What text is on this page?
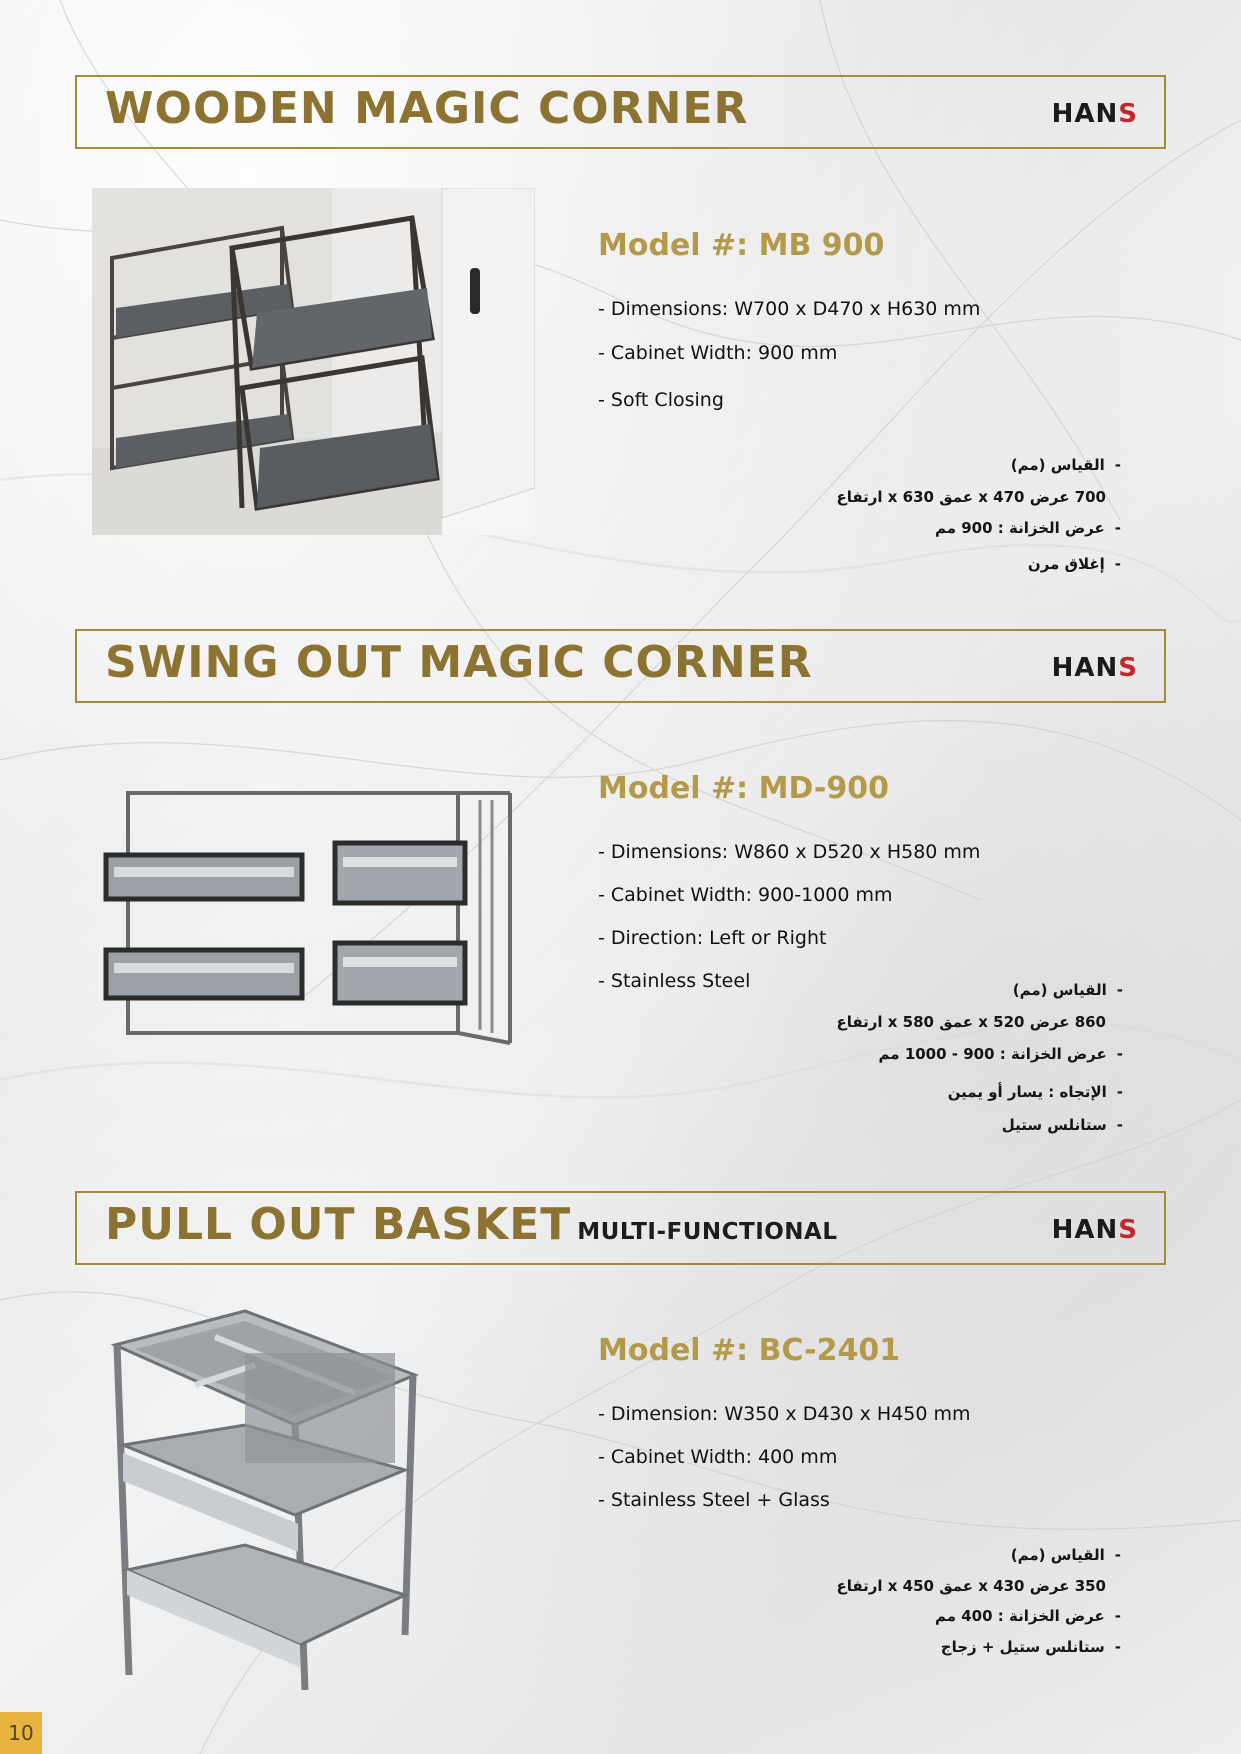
WOODEN MAGIC CORNER	HANS

Model #: MB 900

- Dimensions: W700 x D470 x H630 mm

- Cabinet Width: 900 mm

- Soft Closing

-القياس (مم)

700 عرض x 470 عمق x 630 ارتفاع

-عرض الخزانة : 900 مم

-إغلاق مرن

SWING OUT MAGIC CORNER	HANS

Model #: MD-900

- Dimensions: W860 x D520 x H580 mm

- Cabinet Width: 900-1000 mm

- Direction: Left or Right

- Stainless Steel	-القياس (مم)

860 عرض x 520 عمق x 580 ارتفاع

-عرض الخزانة : 900 - 1000 مم

-الإتجاه : يسار أو يمين

-ستانلس ستيل

PULL OUT BASKET MULTI-FUNCTIONAL	HANS

Model #: BC-2401

- Dimension: W350 x D430 x H450 mm

- Cabinet Width: 400 mm

- Stainless Steel + Glass

-القياس (مم)

350 عرض x 430 عمق x 450 ارتفاع

-عرض الخزانة : 400 مم

-ستانلس ستيل + زجاج

10
